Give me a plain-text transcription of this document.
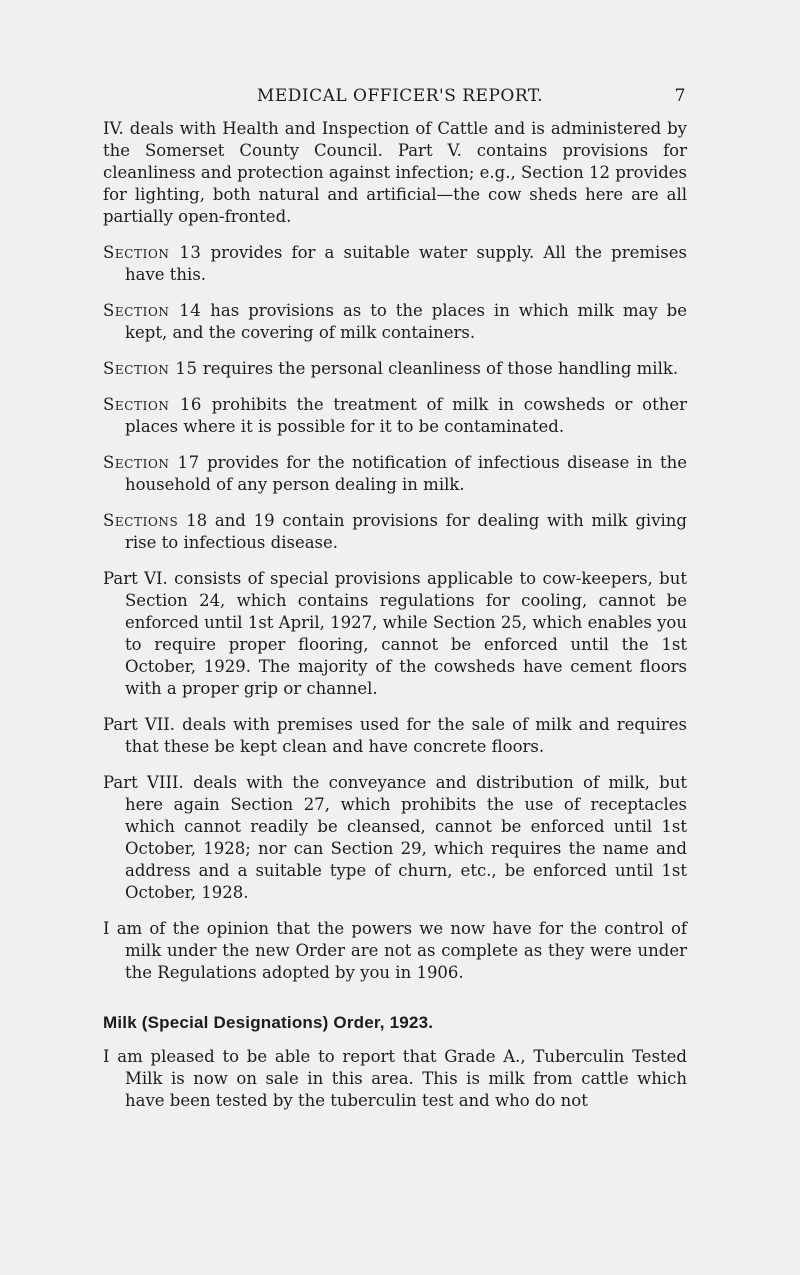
MEDICAL OFFICER'S REPORT.	7

IV. deals with Health and Inspection of Cattle and is administered by the Somerset County Council. Part V. contains provisions for cleanliness and protection against infection; e.g., Section 12 provides for lighting, both natural and artificial—the cow sheds here are all partially open-fronted.

Section 13 provides for a suitable water supply. All the premises have this.

Section 14 has provisions as to the places in which milk may be kept, and the covering of milk containers.

Section 15 requires the personal cleanliness of those handling milk.

Section 16 prohibits the treatment of milk in cowsheds or other places where it is possible for it to be contaminated.

Section 17 provides for the notification of infectious disease in the household of any person dealing in milk.

Sections 18 and 19 contain provisions for dealing with milk giving rise to infectious disease.

Part VI. consists of special provisions applicable to cow-keepers, but Section 24, which contains regulations for cooling, cannot be enforced until 1st April, 1927, while Section 25, which enables you to require proper flooring, cannot be enforced until the 1st October, 1929. The majority of the cowsheds have cement floors with a proper grip or channel.

Part VII. deals with premises used for the sale of milk and requires that these be kept clean and have concrete floors.

Part VIII. deals with the conveyance and distribution of milk, but here again Section 27, which prohibits the use of receptacles which cannot readily be cleansed, cannot be enforced until 1st October, 1928; nor can Section 29, which requires the name and address and a suitable type of churn, etc., be enforced until 1st October, 1928.

I am of the opinion that the powers we now have for the control of milk under the new Order are not as complete as they were under the Regulations adopted by you in 1906.

Milk (Special Designations) Order, 1923.

I am pleased to be able to report that Grade A., Tuberculin Tested Milk is now on sale in this area. This is milk from cattle which have been tested by the tuberculin test and who do not
